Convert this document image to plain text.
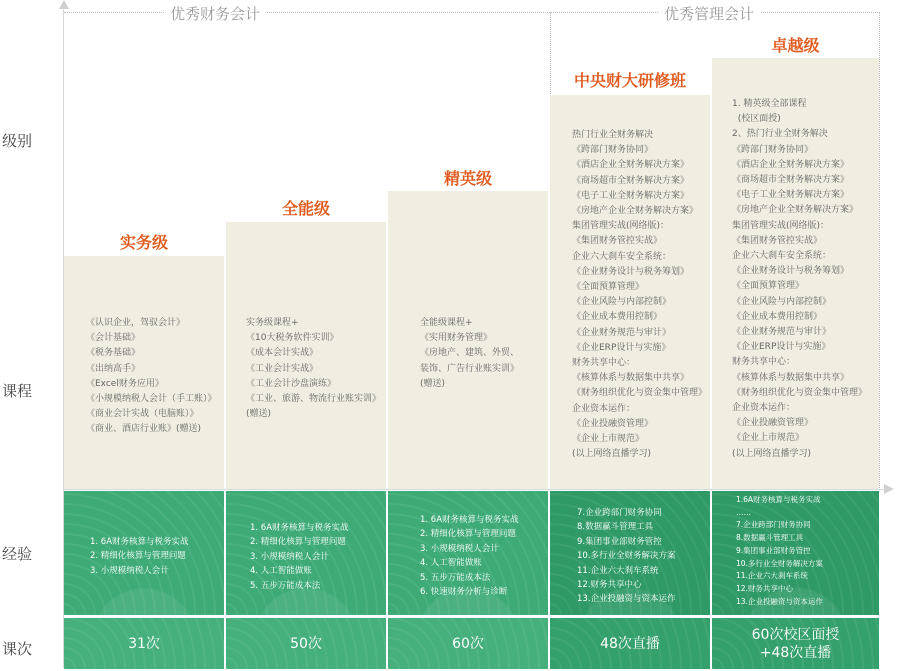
优秀财务会计	优秀管理会计
级别
课程
经验
课次
实务级
《认识企业，驾驭会计》
《会计基础》
《税务基础》
《出纳高手》
《Excel财务应用》
《小规模纳税人会计（手工账）》
《商业会计实战（电脑账）》
《商业、酒店行业账》(赠送)
1. 6A财务核算与税务实战
2. 精细化核算与管理问题
3. 小规模纳税人会计
31次
全能级
实务级课程+
《10大税务软件实训》
《成本会计实战》
《工业会计实战》
《工业会计沙盘演练》
《工业、旅游、物流行业账实训》
(赠送)
1. 6A财务核算与税务实战
2. 精细化核算与管理问题
3. 小规模纳税人会计
4. 人工智能做账
5. 五步万能成本法
50次
精英级
全能级课程+
《实用财务管理》
《房地产、建筑、外贸、
装饰、广告行业账实训》
(赠送)
1. 6A财务核算与税务实战
2. 精细化核算与管理问题
3. 小规模纳税人会计
4. 人工智能做账
5. 五步万能成本法
6. 快速财务分析与诊断
60次
中央财大研修班
热门行业全财务解决
《跨部门财务协同》
《酒店企业全财务解决方案》
《商场超市全财务解决方案》
《电子工业全财务解决方案》
《房地产企业全财务解决方案》
集团管理实战(网络版)：
《集团财务管控实战》
企业六大刹车安全系统：
《企业财务设计与税务筹划》
《全面预算管理》
《企业风险与内部控制》
《企业成本费用控制》
《企业财务规范与审计》
《企业ERP设计与实施》
财务共享中心：
《核算体系与数据集中共享》
《财务组织优化与资金集中管理》
企业资本运作：
《企业投融资管理》
《企业上市规范》
(以上网络直播学习)
7.企业跨部门财务协同
8.数据赢斗管理工具
9.集团事业部财务管控
10.多行业全财务解决方案
11.企业六大刹车系统
12.财务共享中心
13.企业投融资与资本运作
48次直播
卓越级
1. 精英级全部课程
(校区面授)
2、热门行业全财务解决
《跨部门财务协同》
《酒店企业全财务解决方案》
《商场超市全财务解决方案》
《电子工业全财务解决方案》
《房地产企业全财务解决方案》
集团管理实战(网络版)：
《集团财务管控实战》
企业六大刹车安全系统：
《企业财务设计与税务筹划》
《全面预算管理》
《企业风险与内部控制》
《企业成本费用控制》
《企业财务规范与审计》
《企业ERP设计与实施》
财务共享中心：
《核算体系与数据集中共享》
《财务组织优化与资金集中管理》
企业资本运作：
《企业投融资管理》
《企业上市规范》
(以上网络直播学习)
1.6A财务核算与税务实战
……
7.企业跨部门财务协同
8.数据赢斗管理工具
9.集团事业部财务管控
10.多行业全财务解决方案
11.企业六大刹车系统
12.财务共享中心
13.企业投融资与资本运作
60次校区面授
+48次直播
